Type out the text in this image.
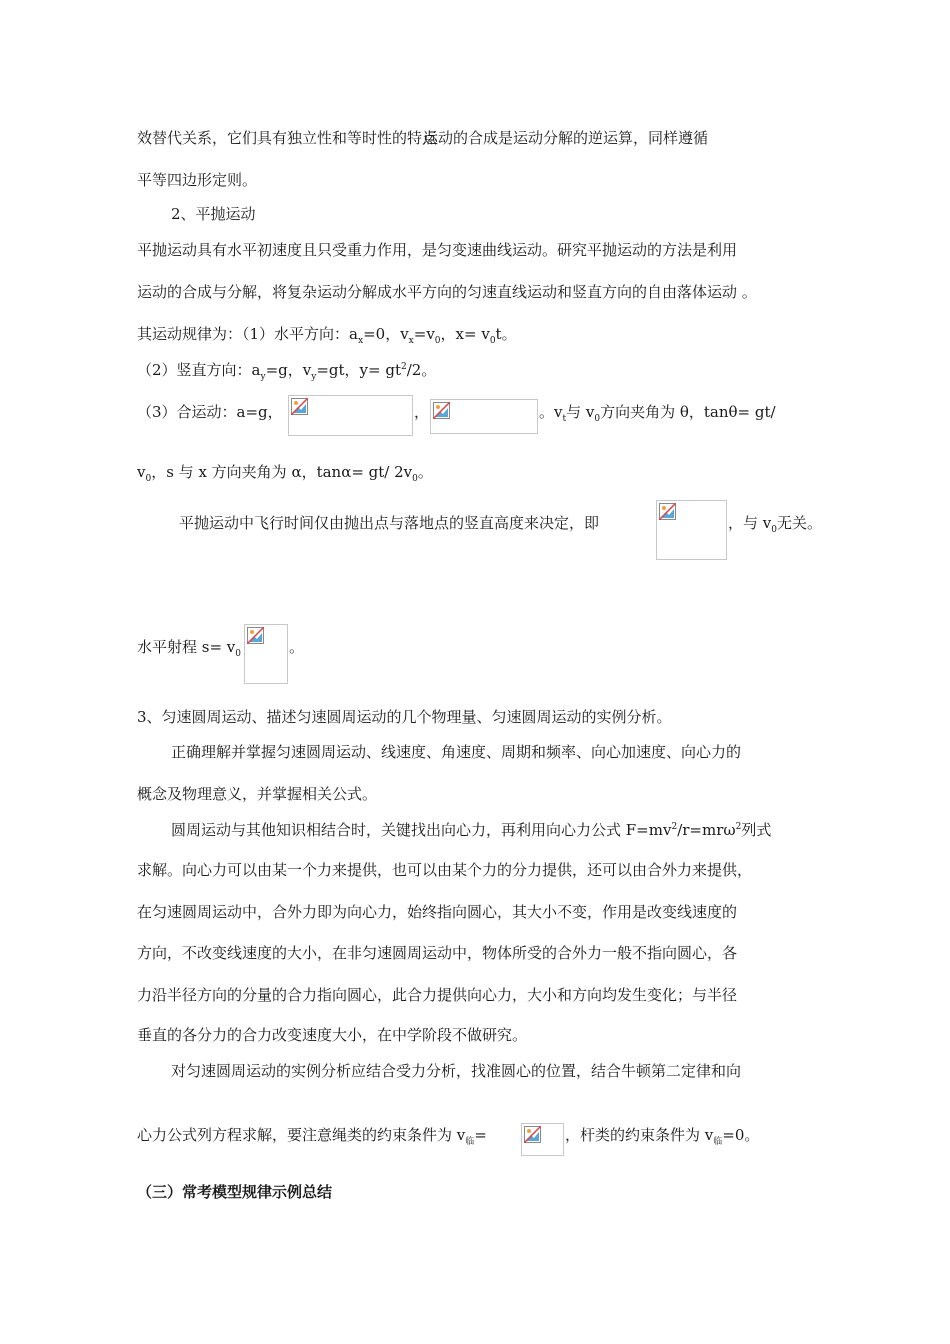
效替代关系，它们具有独立性和等时性的特点运动的合成是运动分解的逆运算，同样遵循
平等四边形定则。
2、平抛运动
平抛运动具有水平初速度且只受重力作用，是匀变速曲线运动。研究平抛运动的方法是利用
运动的合成与分解，将复杂运动分解成水平方向的匀速直线运动和竖直方向的自由落体运动 。
其运动规律为：（1）水平方向：$a_x=0$，$v_x=v_0$，$x= v_0t$。
（2）竖直方向：$a_y=g$，$v_y=gt$，$y= gt^2/2$。
（3）合运动：a=g，	，	。$v_t$与 $v_0$方向夹角为 θ，tanθ= gt/
$v_0$，s 与 x 方向夹角为 α，tanα= gt/ $2v_0$。
平抛运动中飞行时间仅由抛出点与落地点的竖直高度来决定，即	，与 $v_0$无关。
水平射程 $s= v_0$	。
3、匀速圆周运动、描述匀速圆周运动的几个物理量、匀速圆周运动的实例分析。
正确理解并掌握匀速圆周运动、线速度、角速度、周期和频率、向心加速度、向心力的
概念及物理意义，并掌握相关公式。
圆周运动与其他知识相结合时，关键找出向心力，再利用向心力公式 $F=mv^2/r=mr\omega^2$列式
求解。向心力可以由某一个力来提供，也可以由某个力的分力提供，还可以由合外力来提供，
在匀速圆周运动中，合外力即为向心力，始终指向圆心，其大小不变，作用是改变线速度的
方向，不改变线速度的大小，在非匀速圆周运动中，物体所受的合外力一般不指向圆心，各
力沿半径方向的分量的合力指向圆心，此合力提供向心力，大小和方向均发生变化；与半径
垂直的各分力的合力改变速度大小，在中学阶段不做研究。
对匀速圆周运动的实例分析应结合受力分析，找准圆心的位置，结合牛顿第二定律和向
心力公式列方程求解，要注意绳类的约束条件为 $v_临=$	，杆类的约束条件为 $v_临=0$。
（三）常考模型规律示例总结
